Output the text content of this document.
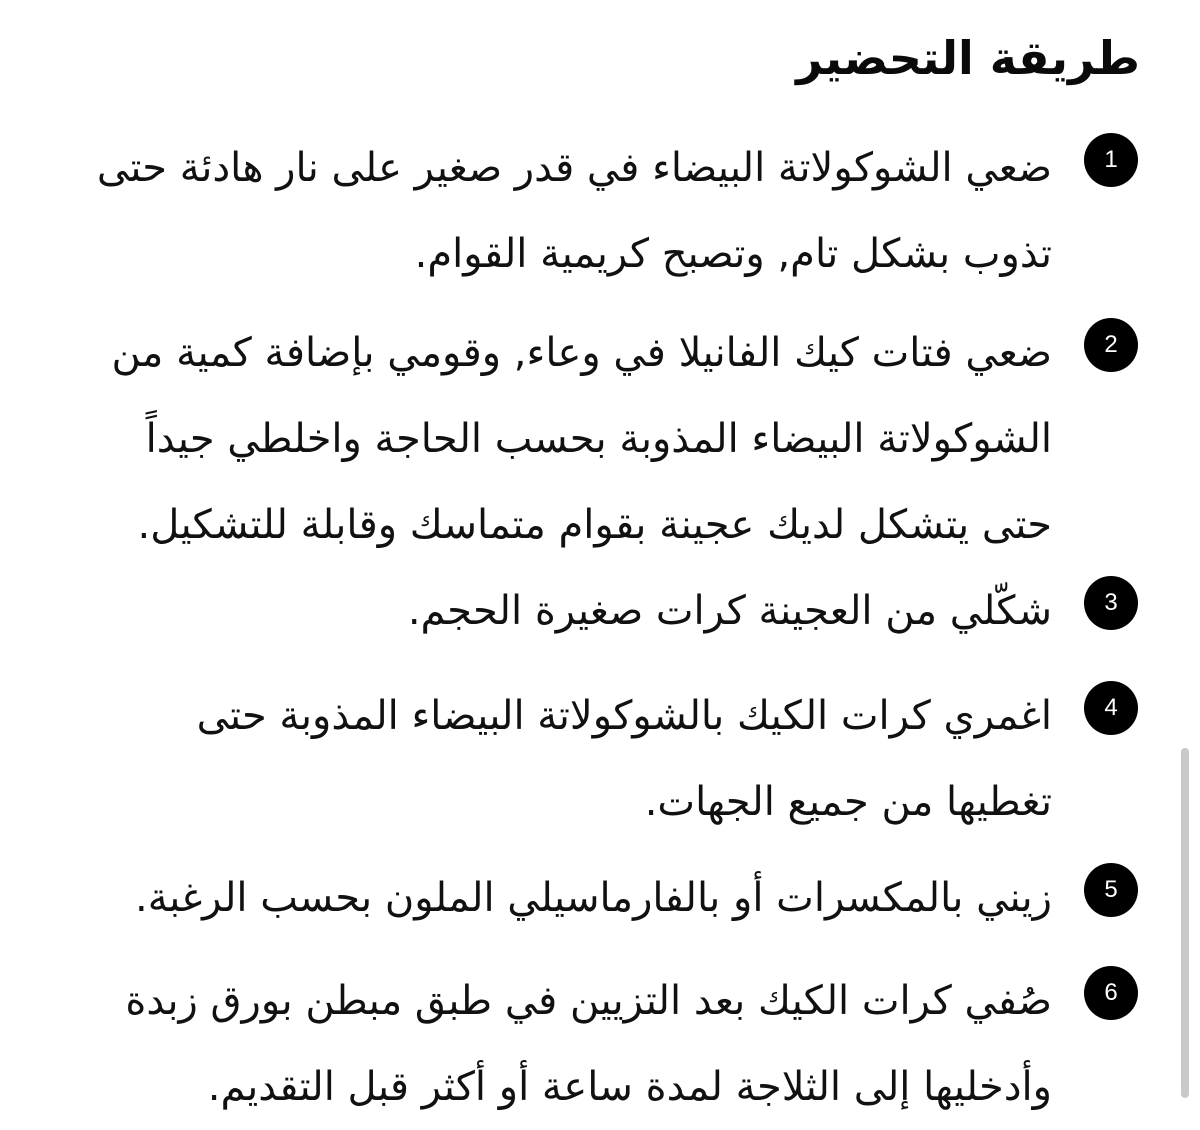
طريقة التحضير
1

ضعي الشوكولاتة البيضاء في قدر صغير على نار هادئة حتى
تذوب بشكل تام, وتصبح كريمية القوام.

2

ضعي فتات كيك الفانيلا في وعاء, وقومي بإضافة كمية من
الشوكولاتة البيضاء المذوبة بحسب الحاجة واخلطي جيداً
حتى يتشكل لديك عجينة بقوام متماسك وقابلة للتشكيل.

3

شكّلي من العجينة كرات صغيرة الحجم.

4

اغمري كرات الكيك بالشوكولاتة البيضاء المذوبة حتى
تغطيها من جميع الجهات.

5

زيني بالمكسرات أو بالفارماسيلي الملون بحسب الرغبة.

6

صُفي كرات الكيك بعد التزيين في طبق مبطن بورق زبدة
وأدخليها إلى الثلاجة لمدة ساعة أو أكثر قبل التقديم.
